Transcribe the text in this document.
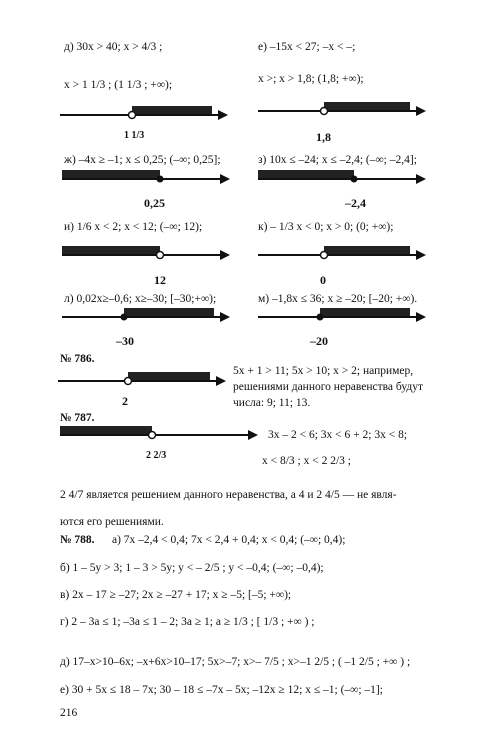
д) 30x > 40; x > 4/3 ;	е) –15x < 27; –x < –;
x > 1 1/3 ; (1 1/3 ; +∞);	x >; x > 1,8; (1,8; +∞);
1 1/3	1,8
ж) –4x ≥ –1; x ≤ 0,25; (–∞; 0,25];	з) 10x ≤ –24; x ≤ –2,4; (–∞; –2,4];
0,25	–2,4
и) 1/6 x < 2; x < 12; (–∞; 12);	к) – 1/3 x < 0; x > 0; (0; +∞);
12	0
л) 0,02x≥–0,6; x≥–30; [–30;+∞);	м) –1,8x ≤ 36; x ≥ –20; [–20; +∞).
–30	–20
№ 786.
2
5x + 1 > 11; 5x > 10; x > 2; например,
решениями данного неравенства будут
числа: 9; 11; 13.
№ 787.
2 2/3
3x – 2 < 6; 3x < 6 + 2; 3x < 8;
x < 8/3 ; x < 2 2/3 ;
2 4/7 является решением данного неравенства, а 4 и 2 4/5 — не явля-
ются его решениями.
№ 788. а) 7x –2,4 < 0,4; 7x < 2,4 + 0,4; x < 0,4; (–∞; 0,4);
б) 1 – 5y > 3; 1 – 3 > 5y; y < – 2/5 ; y < –0,4; (–∞; –0,4);
в) 2x – 17 ≥ –27; 2x ≥ –27 + 17; x ≥ –5; [–5; +∞);
г) 2 – 3a ≤ 1; –3a ≤ 1 – 2; 3a ≥ 1; a ≥ 1/3 ; [ 1/3 ; +∞ ) ;
д) 17–x>10–6x; –x+6x>10–17; 5x>–7; x>– 7/5 ; x>–1 2/5 ; ( –1 2/5 ; +∞ ) ;
е) 30 + 5x ≤ 18 – 7x; 30 – 18 ≤ –7x – 5x; –12x ≥ 12; x ≤ –1; (–∞; –1];
216
